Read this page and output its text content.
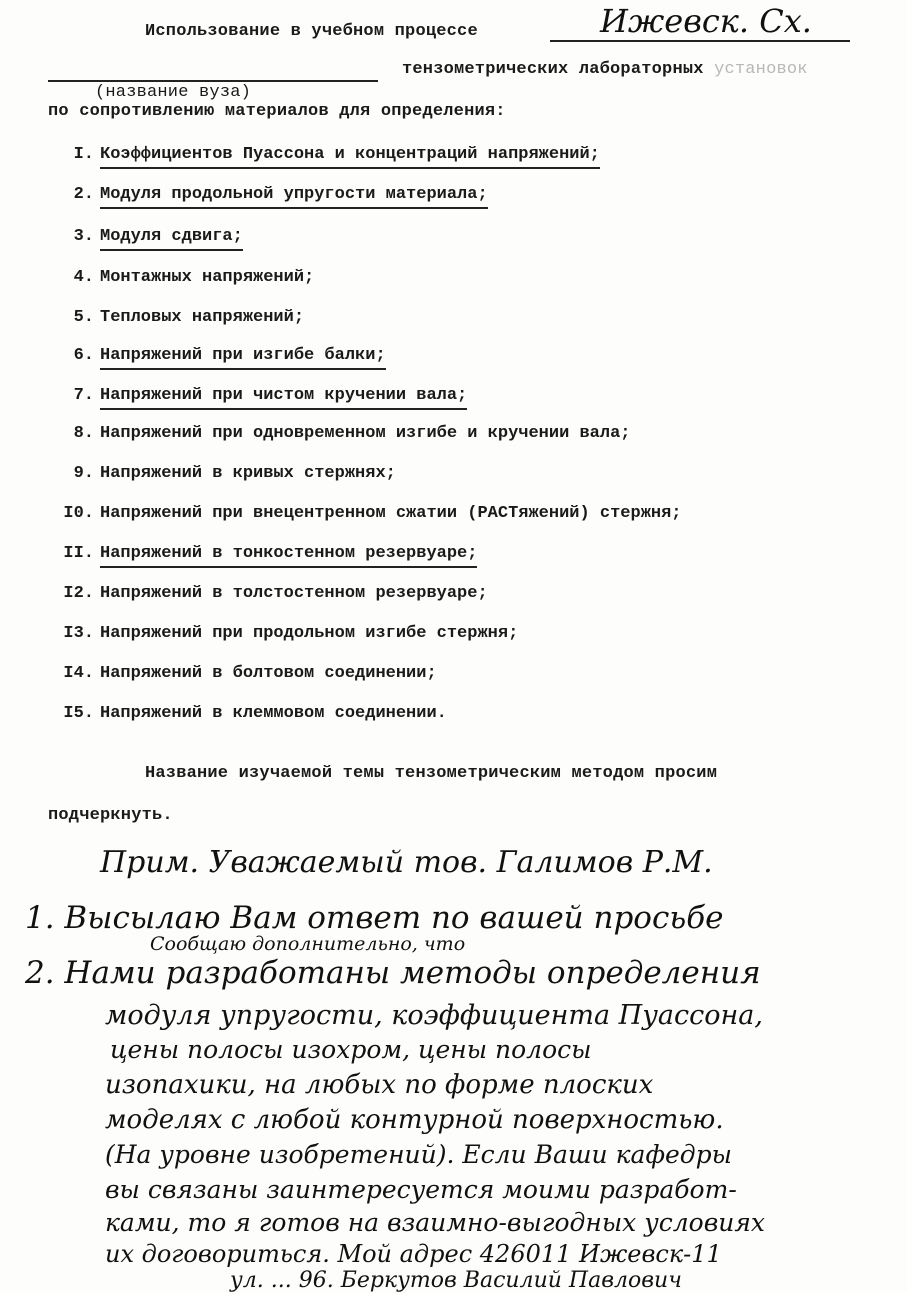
Использование в учебном процессе	Ижевск. Сх.
тензометрических лабораторных установок
(название вуза)
по сопротивлению материалов для определения:
I. Коэффициентов Пуассона и концентраций напряжений;
2. Модуля продольной упругости материала;
3. Модуля сдвига;
4. Монтажных напряжений;
5. Тепловых напряжений;
6. Напряжений при изгибе балки;
7. Напряжений при чистом кручении вала;
8. Напряжений при одновременном изгибе и кручении вала;
9. Напряжений в кривых стержнях;
I0. Напряжений при внецентренном сжатии (РАСТяжений) стержня;
II. Напряжений в тонкостенном резервуаре;
I2. Напряжений в толстостенном резервуаре;
I3. Напряжений при продольном изгибе стержня;
I4. Напряжений в болтовом соединении;
I5. Напряжений в клеммовом соединении.
Название изучаемой темы тензометрическим методом просим
подчеркнуть.
Прим. Уважаемый тов. Галимов Р.М.
1. Высылаю Вам ответ по вашей просьбе
Сообщаю дополнительно, что
2. Нами разработаны методы определения
модуля упругости, коэффициента Пуассона,
цены полосы изохром, цены полосы
изопахики, на любых по форме плоских
моделях с любой контурной поверхностью.
(На уровне изобретений). Если Ваши кафедры
вы связаны заинтересуется моими разработ-
ками, то я готов на взаимно-выгодных условиях
их договориться. Мой адрес 426011 Ижевск-11
ул. ... 96. Беркутов Василий Павлович
